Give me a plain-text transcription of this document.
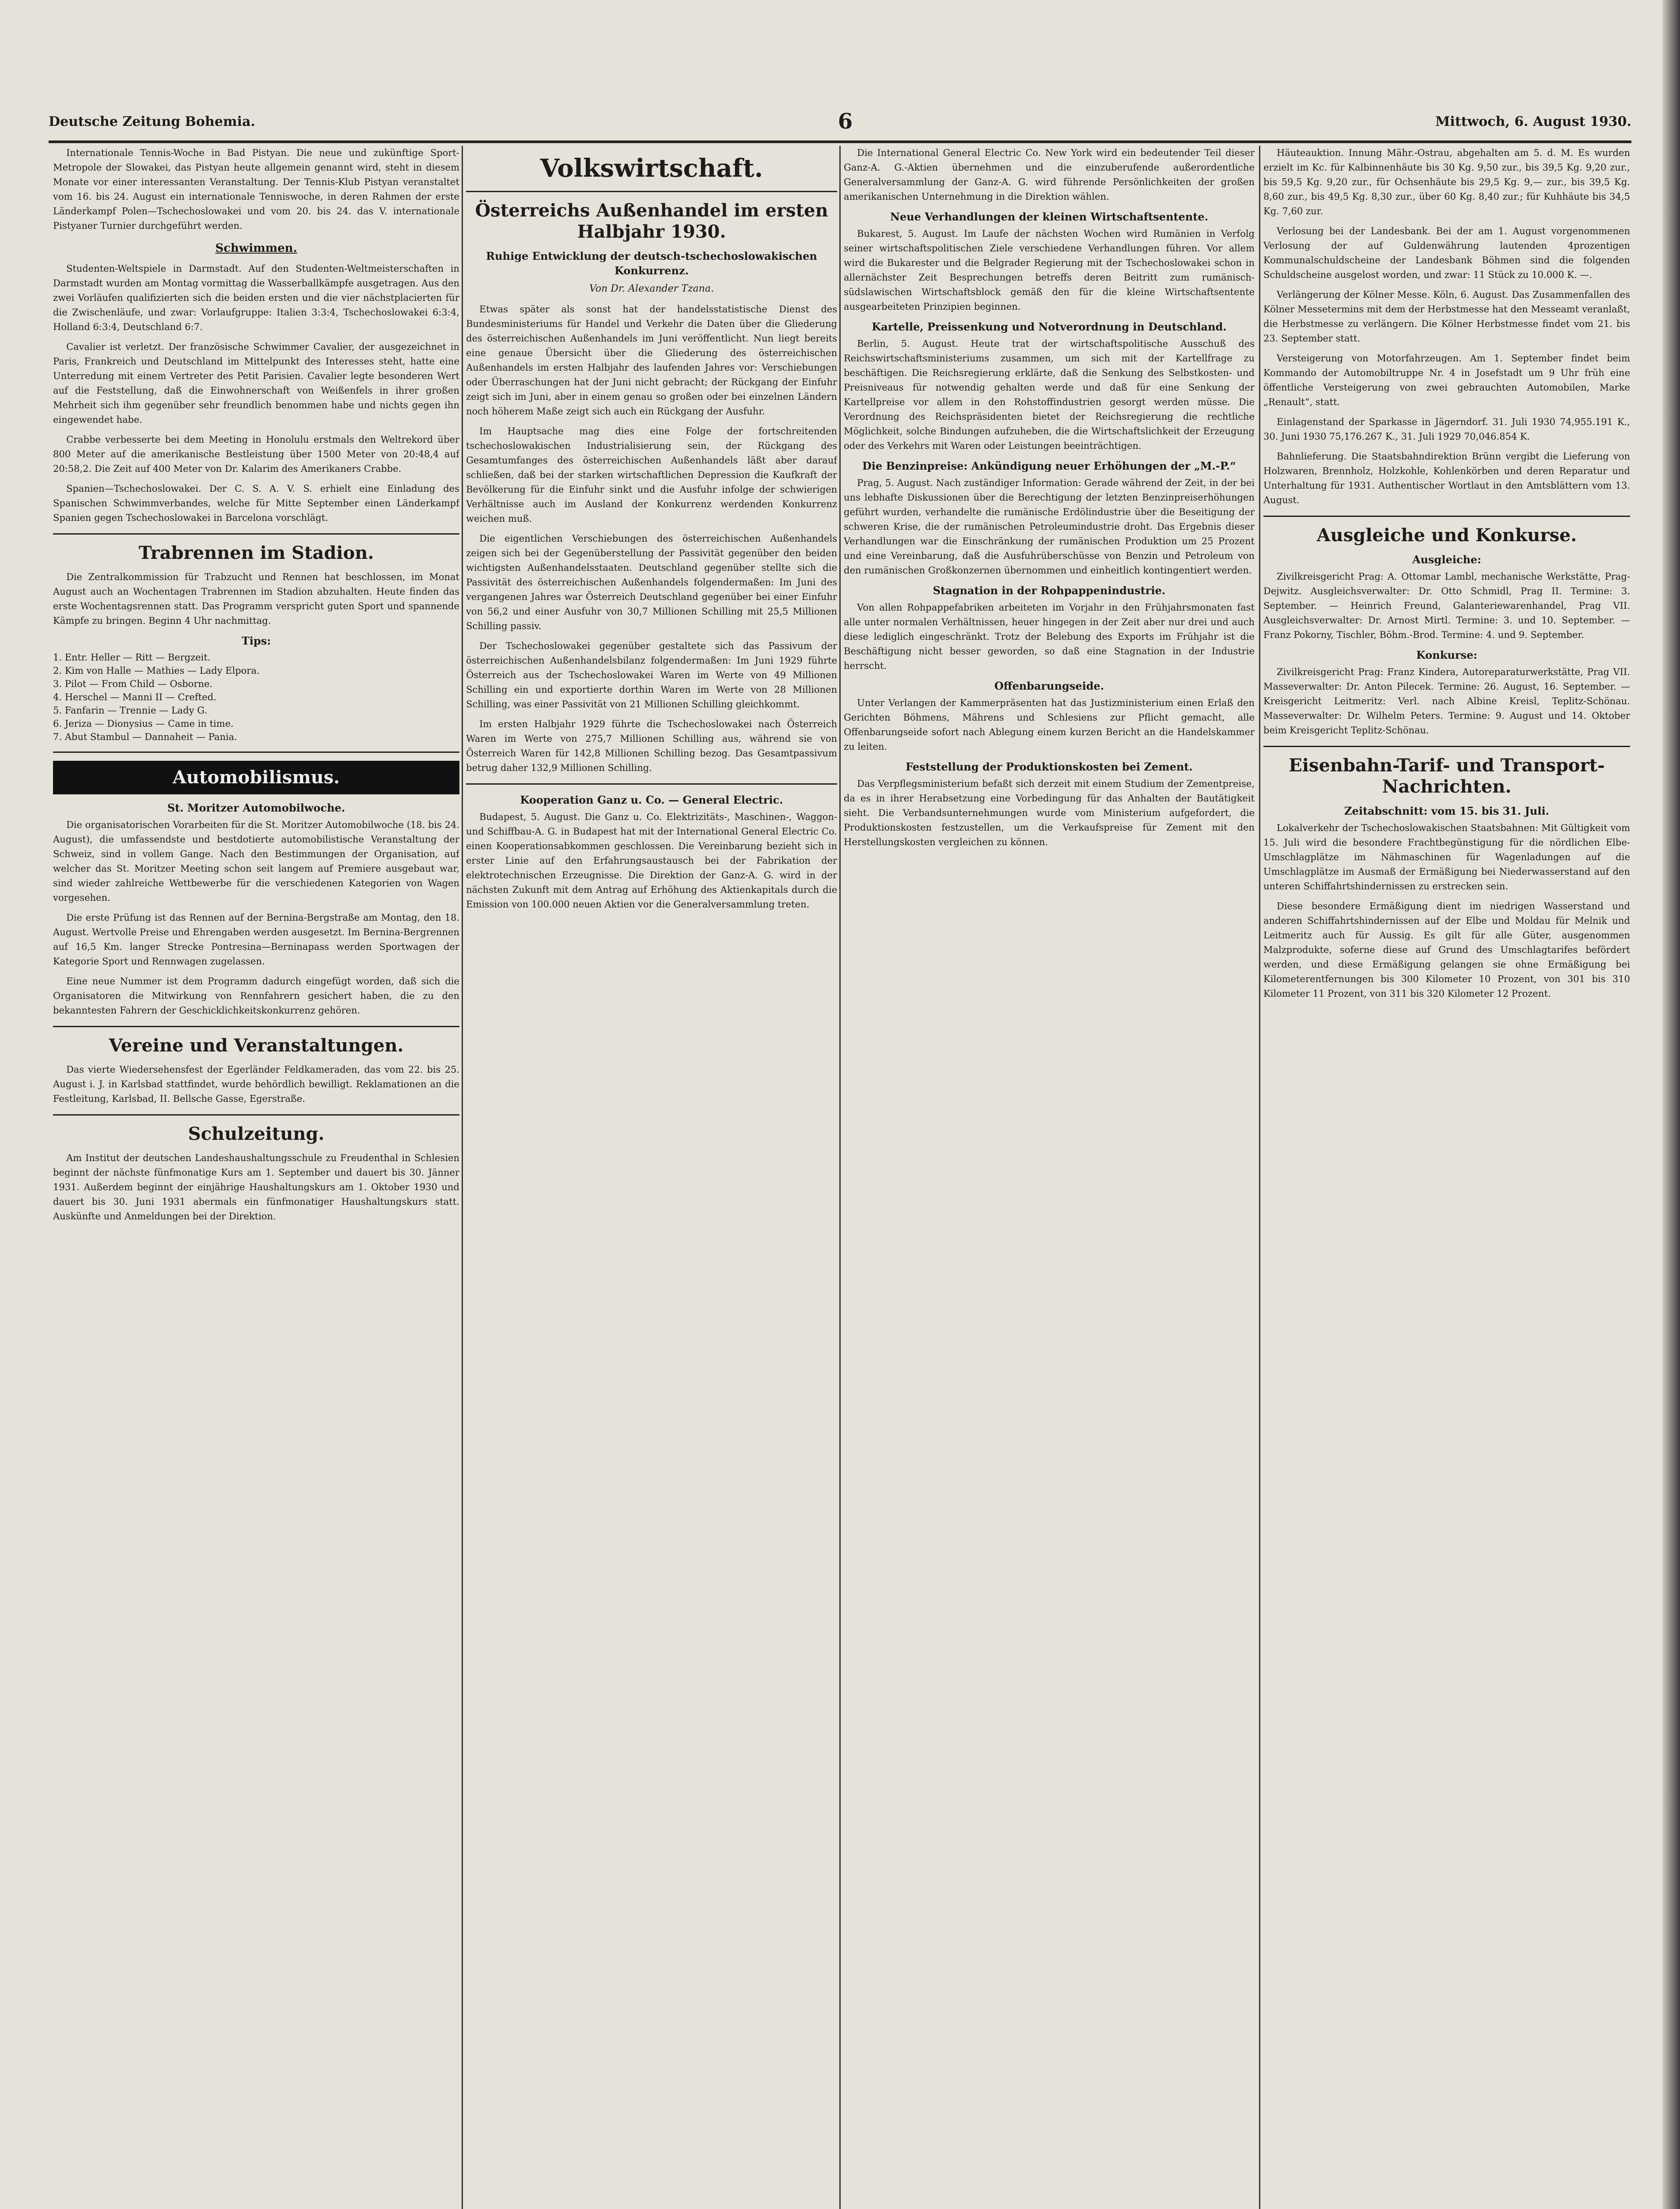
Deutsche Zeitung Bohemia.	6	Mittwoch, 6. August 1930.

Internationale Tennis-Woche in Bad Pistyan. Die neue und zukünftige Sport-Metropole der Slowakei, das Pistyan heute allgemein genannt wird, steht in diesem Monate vor einer interessanten Veranstaltung. Der Tennis-Klub Pistyan veranstaltet vom 16. bis 24. August ein internationale Tenniswoche, in deren Rahmen der erste Länderkampf Polen—Tschechoslowakei und vom 20. bis 24. das V. internationale Pistyaner Turnier durchgeführt werden.

Schwimmen.

Studenten-Weltspiele in Darmstadt. Auf den Studenten-Weltmeisterschaften in Darmstadt wurden am Montag vormittag die Wasserballkämpfe ausgetragen. Aus den zwei Vorläufen qualifizierten sich die beiden ersten und die vier nächstplacierten für die Zwischenläufe, und zwar: Vorlaufgruppe: Italien 3:3:4, Tschechoslowakei 6:3:4, Holland 6:3:4, Deutschland 6:7.

Cavalier ist verletzt. Der französische Schwimmer Cavalier, der ausgezeichnet in Paris, Frankreich und Deutschland im Mittelpunkt des Interesses steht, hatte eine Unterredung mit einem Vertreter des Petit Parisien. Cavalier legte besonderen Wert auf die Feststellung, daß die Einwohnerschaft von Weißenfels in ihrer großen Mehrheit sich ihm gegenüber sehr freundlich benommen habe und nichts gegen ihn eingewendet habe.

Crabbe verbesserte bei dem Meeting in Honolulu erstmals den Weltrekord über 800 Meter auf die amerikanische Bestleistung über 1500 Meter von 20:48,4 auf 20:58,2. Die Zeit auf 400 Meter von Dr. Kalarim des Amerikaners Crabbe.

Spanien—Tschechoslowakei. Der C. S. A. V. S. erhielt eine Einladung des Spanischen Schwimmverbandes, welche für Mitte September einen Länderkampf Spanien gegen Tschechoslowakei in Barcelona vorschlägt.

Trabrennen im Stadion.

Die Zentralkommission für Trabzucht und Rennen hat beschlossen, im Monat August auch an Wochentagen Trabrennen im Stadion abzuhalten. Heute finden das erste Wochentagsrennen statt. Das Programm verspricht guten Sport und spannende Kämpfe zu bringen. Beginn 4 Uhr nachmittag.

Tips:
1. Entr. Heller — Ritt — Bergzeit.
2. Kim von Halle — Mathies — Lady Elpora.
3. Pilot — From Child — Osborne.
4. Herschel — Manni II — Crefted.
5. Fanfarin — Trennie — Lady G.
6. Jeriza — Dionysius — Came in time.
7. Abut Stambul — Dannaheit — Pania.
Automobilismus.
St. Moritzer Automobilwoche.

Die organisatorischen Vorarbeiten für die St. Moritzer Automobilwoche (18. bis 24. August), die umfassendste und bestdotierte automobilistische Veranstaltung der Schweiz, sind in vollem Gange. Nach den Bestimmungen der Organisation, auf welcher das St. Moritzer Meeting schon seit langem auf Premiere ausgebaut war, sind wieder zahlreiche Wettbewerbe für die verschiedenen Kategorien von Wagen vorgesehen.

Die erste Prüfung ist das Rennen auf der Bernina-Bergstraße am Montag, den 18. August. Wertvolle Preise und Ehrengaben werden ausgesetzt. Im Bernina-Bergrennen auf 16,5 Km. langer Strecke Pontresina—Berninapass werden Sportwagen der Kategorie Sport und Rennwagen zugelassen.

Eine neue Nummer ist dem Programm dadurch eingefügt worden, daß sich die Organisatoren die Mitwirkung von Rennfahrern gesichert haben, die zu den bekanntesten Fahrern der Geschicklichkeitskonkurrenz gehören.

Vereine und Veranstaltungen.

Das vierte Wiedersehensfest der Egerländer Feldkameraden, das vom 22. bis 25. August i. J. in Karlsbad stattfindet, wurde behördlich bewilligt. Reklamationen an die Festleitung, Karlsbad, II. Bellsche Gasse, Egerstraße.

Schulzeitung.

Am Institut der deutschen Landeshaushaltungsschule zu Freudenthal in Schlesien beginnt der nächste fünfmonatige Kurs am 1. September und dauert bis 30. Jänner 1931. Außerdem beginnt der einjährige Haushaltungskurs am 1. Oktober 1930 und dauert bis 30. Juni 1931 abermals ein fünfmonatiger Haushaltungskurs statt. Auskünfte und Anmeldungen bei der Direktion.

Volkswirtschaft.
Österreichs Außenhandel im ersten Halbjahr 1930.
Ruhige Entwicklung der deutsch-tschechoslowakischen Konkurrenz.
Von Dr. Alexander Tzana.

Etwas später als sonst hat der handelsstatistische Dienst des Bundesministeriums für Handel und Verkehr die Daten über die Gliederung des österreichischen Außenhandels im Juni veröffentlicht. Nun liegt bereits eine genaue Übersicht über die Gliederung des österreichischen Außenhandels im ersten Halbjahr des laufenden Jahres vor: Verschiebungen oder Überraschungen hat der Juni nicht gebracht; der Rückgang der Einfuhr zeigt sich im Juni, aber in einem genau so großen oder bei einzelnen Ländern noch höherem Maße zeigt sich auch ein Rückgang der Ausfuhr.

Im Hauptsache mag dies eine Folge der fortschreitenden tschechoslowakischen Industrialisierung sein, der Rückgang des Gesamtumfanges des österreichischen Außenhandels läßt aber darauf schließen, daß bei der starken wirtschaftlichen Depression die Kaufkraft der Bevölkerung für die Einfuhr sinkt und die Ausfuhr infolge der schwierigen Verhältnisse auch im Ausland der Konkurrenz werdenden Konkurrenz weichen muß.

Die eigentlichen Verschiebungen des österreichischen Außenhandels zeigen sich bei der Gegenüberstellung der Passivität gegenüber den beiden wichtigsten Außenhandelsstaaten. Deutschland gegenüber stellte sich die Passivität des österreichischen Außenhandels folgendermaßen: Im Juni des vergangenen Jahres war Österreich Deutschland gegenüber bei einer Einfuhr von 56,2 und einer Ausfuhr von 30,7 Millionen Schilling mit 25,5 Millionen Schilling passiv.

Der Tschechoslowakei gegenüber gestaltete sich das Passivum der österreichischen Außenhandelsbilanz folgendermaßen: Im Juni 1929 führte Österreich aus der Tschechoslowakei Waren im Werte von 49 Millionen Schilling ein und exportierte dorthin Waren im Werte von 28 Millionen Schilling, was einer Passivität von 21 Millionen Schilling gleichkommt.

Im ersten Halbjahr 1929 führte die Tschechoslowakei nach Österreich Waren im Werte von 275,7 Millionen Schilling aus, während sie von Österreich Waren für 142,8 Millionen Schilling bezog. Das Gesamtpassivum betrug daher 132,9 Millionen Schilling.

Kooperation Ganz u. Co. — General Electric.

Budapest, 5. August. Die Ganz u. Co. Elektrizitäts-, Maschinen-, Waggon- und Schiffbau-A. G. in Budapest hat mit der International General Electric Co. einen Kooperationsabkommen geschlossen. Die Vereinbarung bezieht sich in erster Linie auf den Erfahrungsaustausch bei der Fabrikation der elektrotechnischen Erzeugnisse. Die Direktion der Ganz-A. G. wird in der nächsten Zukunft mit dem Antrag auf Erhöhung des Aktienkapitals durch die Emission von 100.000 neuen Aktien vor die Generalversammlung treten.

Die International General Electric Co. New York wird ein bedeutender Teil dieser Ganz-A. G.-Aktien übernehmen und die einzuberufende außerordentliche Generalversammlung der Ganz-A. G. wird führende Persönlichkeiten der großen amerikanischen Unternehmung in die Direktion wählen.

Neue Verhandlungen der kleinen Wirtschaftsentente.

Bukarest, 5. August. Im Laufe der nächsten Wochen wird Rumänien in Verfolg seiner wirtschaftspolitischen Ziele verschiedene Verhandlungen führen. Vor allem wird die Bukarester und die Belgrader Regierung mit der Tschechoslowakei schon in allernächster Zeit Besprechungen betreffs deren Beitritt zum rumänisch-südslawischen Wirtschaftsblock gemäß den für die kleine Wirtschaftsentente ausgearbeiteten Prinzipien beginnen.

Kartelle, Preissenkung und Notverordnung in Deutschland.

Berlin, 5. August. Heute trat der wirtschaftspolitische Ausschuß des Reichswirtschaftsministeriums zusammen, um sich mit der Kartellfrage zu beschäftigen. Die Reichsregierung erklärte, daß die Senkung des Selbstkosten- und Preisniveaus für notwendig gehalten werde und daß für eine Senkung der Kartellpreise vor allem in den Rohstoffindustrien gesorgt werden müsse. Die Verordnung des Reichspräsidenten bietet der Reichsregierung die rechtliche Möglichkeit, solche Bindungen aufzuheben, die die Wirtschaftslichkeit der Erzeugung oder des Verkehrs mit Waren oder Leistungen beeinträchtigen.

Die Benzinpreise: Ankündigung neuer Erhöhungen der „M.-P.“

Prag, 5. August. Nach zuständiger Information: Gerade während der Zeit, in der bei uns lebhafte Diskussionen über die Berechtigung der letzten Benzinpreiserhöhungen geführt wurden, verhandelte die rumänische Erdölindustrie über die Beseitigung der schweren Krise, die der rumänischen Petroleumindustrie droht. Das Ergebnis dieser Verhandlungen war die Einschränkung der rumänischen Produktion um 25 Prozent und eine Vereinbarung, daß die Ausfuhrüberschüsse von Benzin und Petroleum von den rumänischen Großkonzernen übernommen und einheitlich kontingentiert werden.

Stagnation in der Rohpappenindustrie.

Von allen Rohpappefabriken arbeiteten im Vorjahr in den Frühjahrsmonaten fast alle unter normalen Verhältnissen, heuer hingegen in der Zeit aber nur drei und auch diese lediglich eingeschränkt. Trotz der Belebung des Exports im Frühjahr ist die Beschäftigung nicht besser geworden, so daß eine Stagnation in der Industrie herrscht.

Offenbarungseide.

Unter Verlangen der Kammerpräsenten hat das Justizministerium einen Erlaß den Gerichten Böhmens, Mährens und Schlesiens zur Pflicht gemacht, alle Offenbarungseide sofort nach Ablegung einem kurzen Bericht an die Handelskammer zu leiten.

Feststellung der Produktionskosten bei Zement.

Das Verpflegsministerium befaßt sich derzeit mit einem Studium der Zementpreise, da es in ihrer Herabsetzung eine Vorbedingung für das Anhalten der Bautätigkeit sieht. Die Verbandsunternehmungen wurde vom Ministerium aufgefordert, die Produktionskosten festzustellen, um die Verkaufspreise für Zement mit den Herstellungskosten vergleichen zu können.

Häuteauktion. Innung Mähr.-Ostrau, abgehalten am 5. d. M. Es wurden erzielt im Kc. für Kalbinnenhäute bis 30 Kg. 9,50 zur., bis 39,5 Kg. 9,20 zur., bis 59,5 Kg. 9,20 zur., für Ochsenhäute bis 29,5 Kg. 9,— zur., bis 39,5 Kg. 8,60 zur., bis 49,5 Kg. 8,30 zur., über 60 Kg. 8,40 zur.; für Kuhhäute bis 34,5 Kg. 7,60 zur.

Verlosung bei der Landesbank. Bei der am 1. August vorgenommenen Verlosung der auf Guldenwährung lautenden 4prozentigen Kommunalschuldscheine der Landesbank Böhmen sind die folgenden Schuldscheine ausgelost worden, und zwar: 11 Stück zu 10.000 K. —.

Verlängerung der Kölner Messe. Köln, 6. August. Das Zusammenfallen des Kölner Messetermins mit dem der Herbstmesse hat den Messeamt veranlaßt, die Herbstmesse zu verlängern. Die Kölner Herbstmesse findet vom 21. bis 23. September statt.

Versteigerung von Motorfahrzeugen. Am 1. September findet beim Kommando der Automobiltruppe Nr. 4 in Josefstadt um 9 Uhr früh eine öffentliche Versteigerung von zwei gebrauchten Automobilen, Marke „Renault“, statt.

Einlagenstand der Sparkasse in Jägerndorf. 31. Juli 1930 74,955.191 K., 30. Juni 1930 75,176.267 K., 31. Juli 1929 70,046.854 K.

Bahnlieferung. Die Staatsbahndirektion Brünn vergibt die Lieferung von Holzwaren, Brennholz, Holzkohle, Kohlenkörben und deren Reparatur und Unterhaltung für 1931. Authentischer Wortlaut in den Amtsblättern vom 13. August.

Ausgleiche und Konkurse.
Ausgleiche:

Zivilkreisgericht Prag: A. Ottomar Lambl, mechanische Werkstätte, Prag-Dejwitz. Ausgleichsverwalter: Dr. Otto Schmidl, Prag II. Termine: 3. September. — Heinrich Freund, Galanteriewarenhandel, Prag VII. Ausgleichsverwalter: Dr. Arnost Mirtl. Termine: 3. und 10. September. — Franz Pokorny, Tischler, Böhm.-Brod. Termine: 4. und 9. September.

Konkurse:

Zivilkreisgericht Prag: Franz Kindera, Autoreparaturwerkstätte, Prag VII. Masseverwalter: Dr. Anton Pilecek. Termine: 26. August, 16. September. — Kreisgericht Leitmeritz: Verl. nach Albine Kreisl, Teplitz-Schönau. Masseverwalter: Dr. Wilhelm Peters. Termine: 9. August und 14. Oktober beim Kreisgericht Teplitz-Schönau.

Eisenbahn-Tarif- und Transport-Nachrichten.
Zeitabschnitt: vom 15. bis 31. Juli.

Lokalverkehr der Tschechoslowakischen Staatsbahnen: Mit Gültigkeit vom 15. Juli wird die besondere Frachtbegünstigung für die nördlichen Elbe-Umschlagplätze im Nähmaschinen für Wagenladungen auf die Umschlagplätze im Ausmaß der Ermäßigung bei Niederwasserstand auf den unteren Schiffahrtshindernissen zu erstrecken sein.

Diese besondere Ermäßigung dient im niedrigen Wasserstand und anderen Schiffahrtshindernissen auf der Elbe und Moldau für Melnik und Leitmeritz auch für Aussig. Es gilt für alle Güter, ausgenommen Malzprodukte, soferne diese auf Grund des Umschlagtarifes befördert werden, und diese Ermäßigung gelangen sie ohne Ermäßigung bei Kilometerentfernungen bis 300 Kilometer 10 Prozent, von 301 bis 310 Kilometer 11 Prozent, von 311 bis 320 Kilometer 12 Prozent.
